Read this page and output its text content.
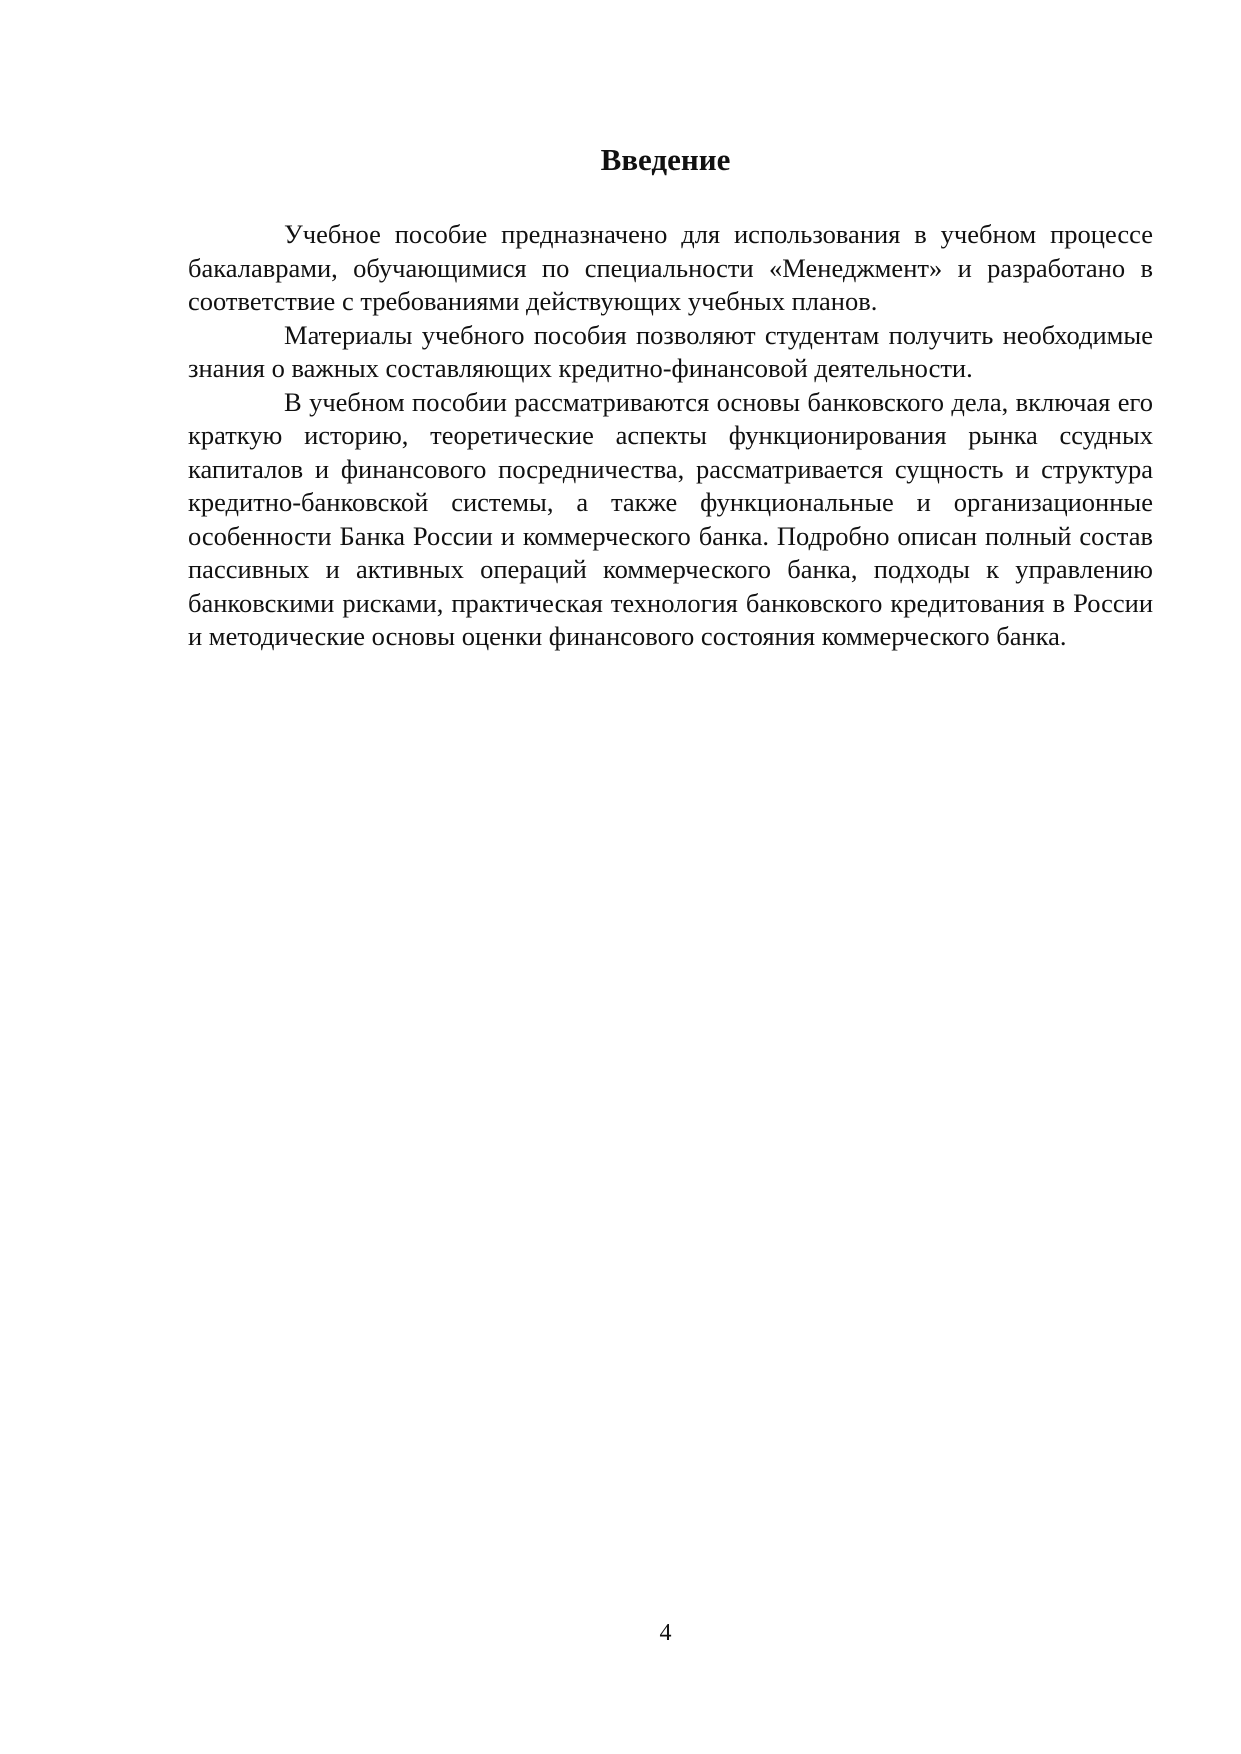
Введение

Учебное пособие предназначено для использования в учебном процессе бакалаврами, обучающимися по специальности «Менеджмент» и разработано в соответствие с требованиями действующих учебных планов.

Материалы учебного пособия позволяют студентам получить необходимые знания о важных составляющих кредитно-финансовой деятельности.

В учебном пособии рассматриваются основы банковского дела, включая его краткую историю, теоретические аспекты функционирования рынка ссудных капиталов и финансового посредничества, рассматривается сущность и структура кредитно-банковской системы, а также функциональные и организационные особенности Банка России и коммерческого банка. Подробно описан полный состав пассивных и активных операций коммерческого банка, подходы к управлению банковскими рисками, практическая технология банковского кредитования в России и методические основы оценки финансового состояния коммерческого банка.

4
